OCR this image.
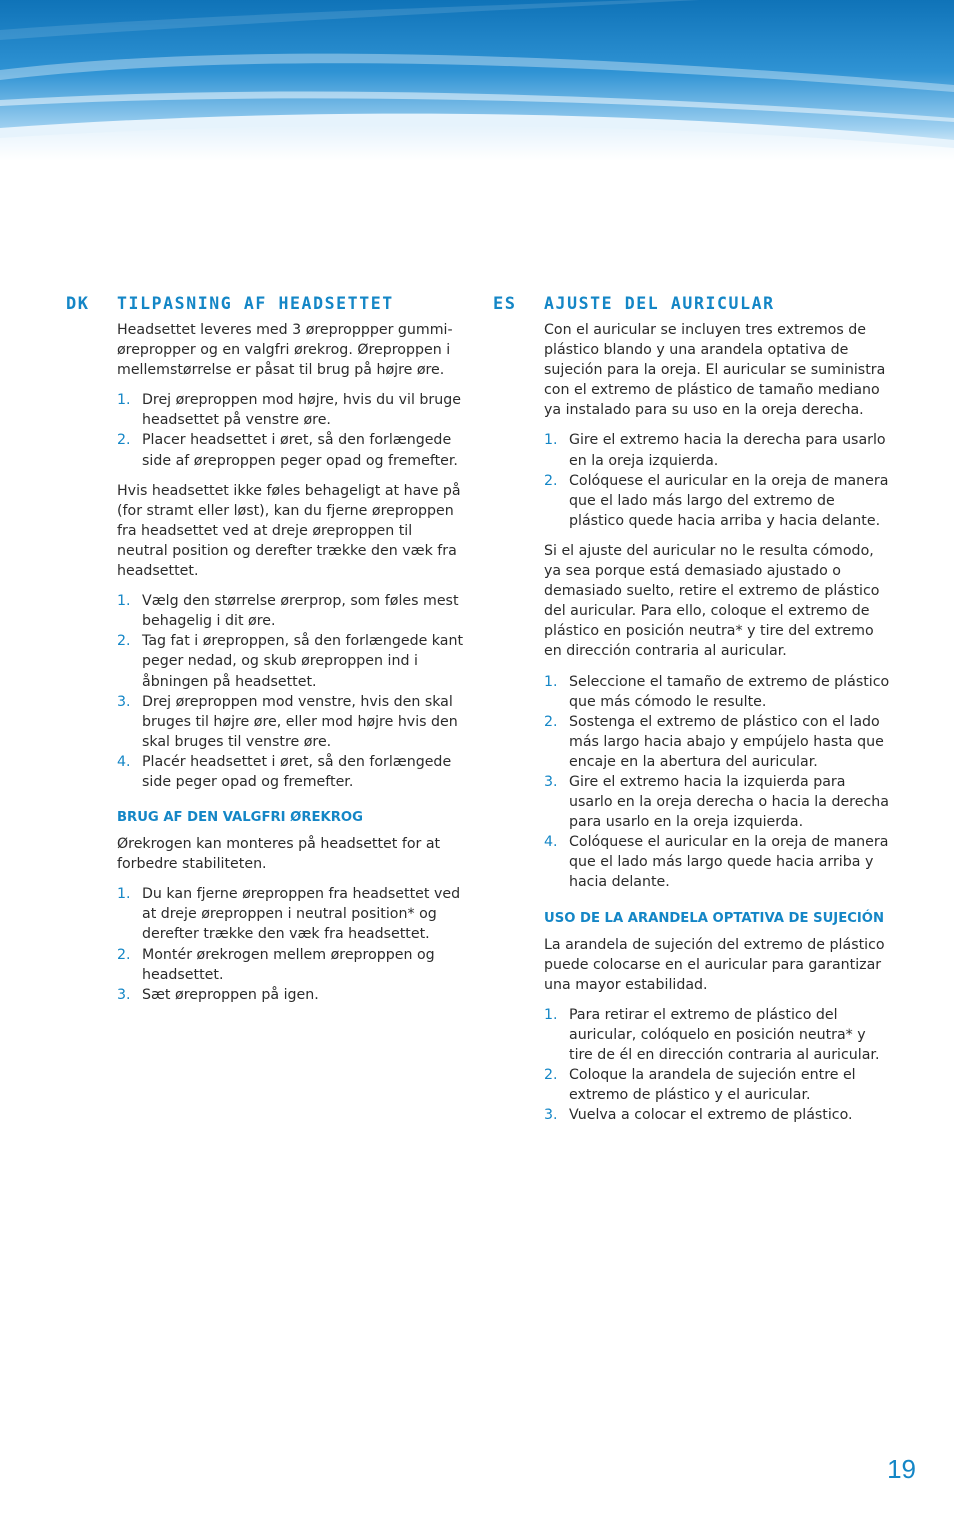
DK	TILPASNING AF HEADSETTET

Headsettet leveres med 3 øreproppper gummi-ørepropper og en valgfri ørekrog. Øreproppen i mellemstørrelse er påsat til brug på højre øre.

1. Drej øreproppen mod højre, hvis du vil bruge headsettet på venstre øre.
2. Placer headsettet i øret, så den forlængede side af øreproppen peger opad og fremefter.

Hvis headsettet ikke føles behageligt at have på (for stramt eller løst), kan du fjerne øreproppen fra headsettet ved at dreje øreproppen til neutral position og derefter trække den væk fra headsettet.

1. Vælg den størrelse ørerprop, som føles mest behagelig i dit øre.
2. Tag fat i øreproppen, så den forlængede kant peger nedad, og skub øreproppen ind i åbningen på headsettet.
3. Drej øreproppen mod venstre, hvis den skal bruges til højre øre, eller mod højre hvis den skal bruges til venstre øre.
4. Placér headsettet i øret, så den forlængede side peger opad og fremefter.
BRUG AF DEN VALGFRI ØREKROG

Ørekrogen kan monteres på headsettet for at forbedre stabiliteten.

1. Du kan fjerne øreproppen fra headsettet ved at dreje øreproppen i neutral position* og derefter trække den væk fra headsettet.
2. Montér ørekrogen mellem øreproppen og headsettet.
3. Sæt øreproppen på igen.
ES	AJUSTE DEL AURICULAR

Con el auricular se incluyen tres extremos de plástico blando y una arandela optativa de sujeción para la oreja. El auricular se suministra con el extremo de plástico de tamaño mediano ya instalado para su uso en la oreja derecha.

1. Gire el extremo hacia la derecha para usarlo en la oreja izquierda.
2. Colóquese el auricular en la oreja de manera que el lado más largo del extremo de plástico quede hacia arriba y hacia delante.

Si el ajuste del auricular no le resulta cómodo, ya sea porque está demasiado ajustado o demasiado suelto, retire el extremo de plástico del auricular. Para ello, coloque el extremo de plástico en posición neutra* y tire del extremo en dirección contraria al auricular.

1. Seleccione el tamaño de extremo de plástico que más cómodo le resulte.
2. Sostenga el extremo de plástico con el lado más largo hacia abajo y empújelo hasta que encaje en la abertura del auricular.
3. Gire el extremo hacia la izquierda para usarlo en la oreja derecha o hacia la derecha para usarlo en la oreja izquierda.
4. Colóquese el auricular en la oreja de manera que el lado más largo quede hacia arriba y hacia delante.
USO DE LA ARANDELA OPTATIVA DE SUJECIÓN

La arandela de sujeción del extremo de plástico puede colocarse en el auricular para garantizar una mayor estabilidad.

1. Para retirar el extremo de plástico del auricular, colóquelo en posición neutra* y tire de él en dirección contraria al auricular.
2. Coloque la arandela de sujeción entre el extremo de plástico y el auricular.
3. Vuelva a colocar el extremo de plástico.
19
